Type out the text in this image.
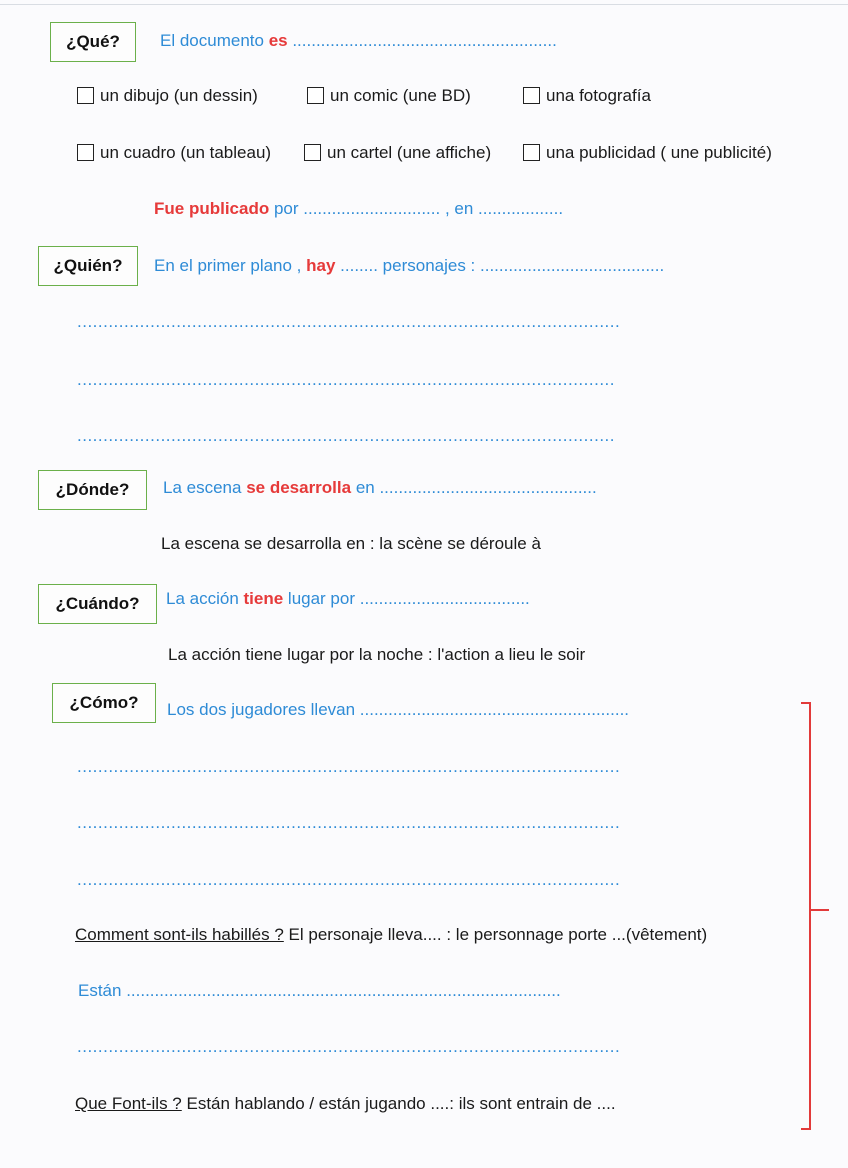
¿Qué? El documento es ........................................................
un dibujo (un dessin)	un comic (une BD)	una fotografía
un cuadro (un tableau)	un cartel (une affiche)	una publicidad ( une publicité)
Fue publicado por ............................. , en ..................
¿Quién? En el primer plano , hay ........ personajes : .......................................
........................................................................................................
.......................................................................................................
.......................................................................................................
¿Dónde? La escena se desarrolla en ..............................................
La escena se desarrolla en : la scène se déroule à
¿Cuándo? La acción tiene lugar por ....................................
La acción tiene lugar por la noche : l'action a lieu le soir
¿Cómo? Los dos jugadores llevan .........................................................
........................................................................................................
........................................................................................................
........................................................................................................
Comment sont-ils habillés ? El personaje lleva.... : le personnage porte ...(vêtement)
Están ............................................................................................
........................................................................................................
Que Font-ils ? Están hablando / están jugando ....: ils sont entrain de ....
